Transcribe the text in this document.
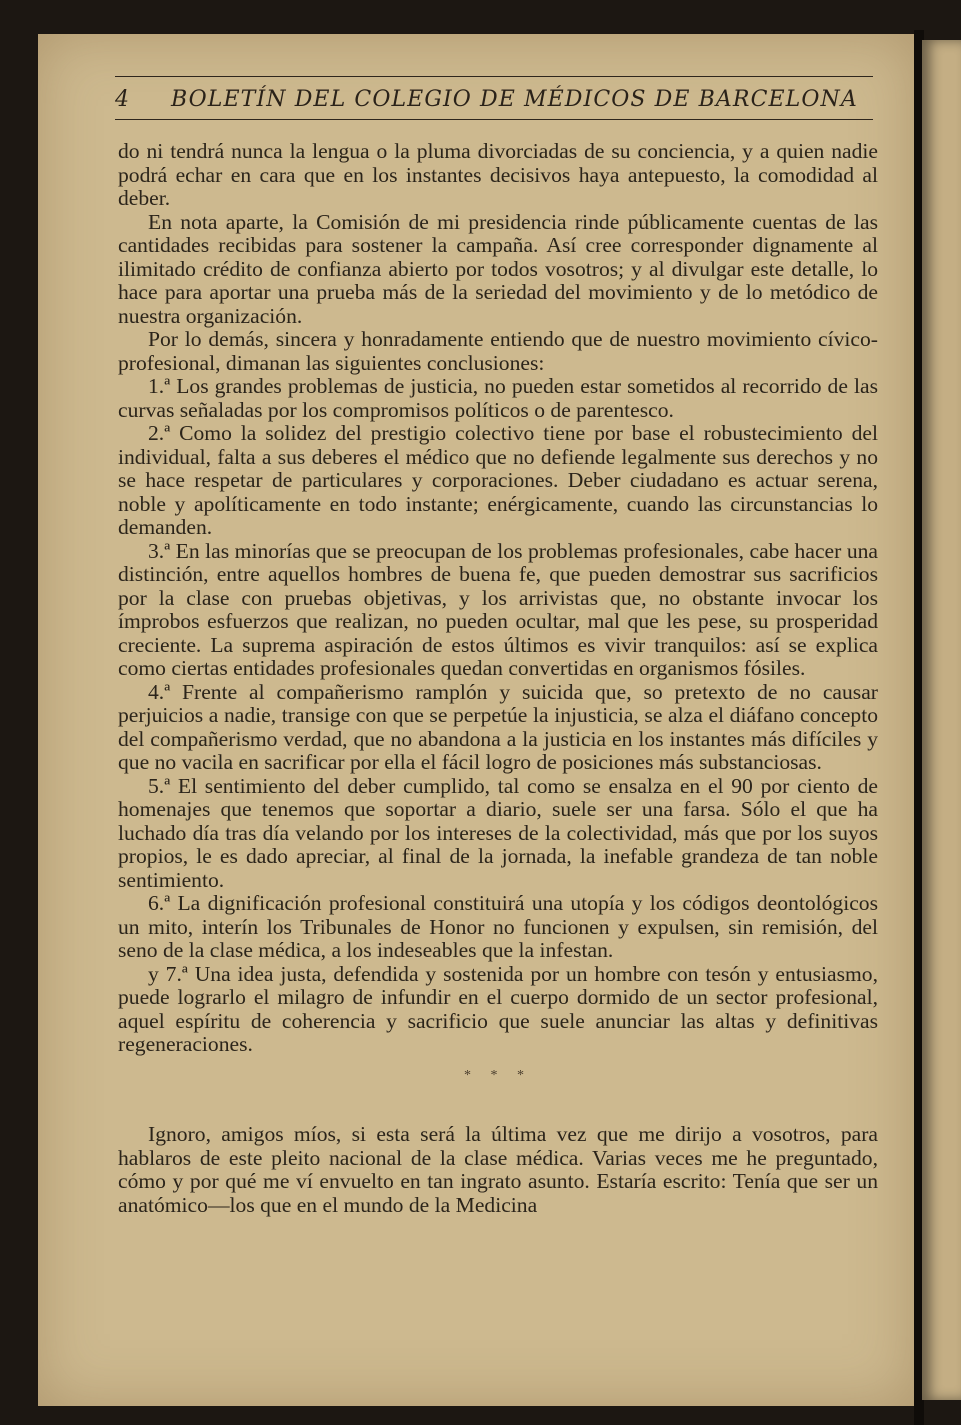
4 BOLETÍN DEL COLEGIO DE MÉDICOS DE BARCELONA

do ni tendrá nunca la lengua o la pluma divorciadas de su conciencia, y a quien nadie podrá echar en cara que en los instantes decisivos haya antepuesto, la comodidad al deber.

En nota aparte, la Comisión de mi presidencia rinde públicamente cuentas de las cantidades recibidas para sostener la campaña. Así cree corresponder dignamente al ilimitado crédito de confianza abierto por todos vosotros; y al divulgar este detalle, lo hace para aportar una prueba más de la seriedad del movimiento y de lo metódico de nuestra organización.

Por lo demás, sincera y honradamente entiendo que de nuestro movimiento cívico-profesional, dimanan las siguientes conclusiones:

1.ª Los grandes problemas de justicia, no pueden estar sometidos al recorrido de las curvas señaladas por los compromisos políticos o de parentesco.

2.ª Como la solidez del prestigio colectivo tiene por base el robustecimiento del individual, falta a sus deberes el médico que no defiende legalmente sus derechos y no se hace respetar de particulares y corporaciones. Deber ciudadano es actuar serena, noble y apolíticamente en todo instante; enérgicamente, cuando las circunstancias lo demanden.

3.ª En las minorías que se preocupan de los problemas profesionales, cabe hacer una distinción, entre aquellos hombres de buena fe, que pueden demostrar sus sacrificios por la clase con pruebas objetivas, y los arrivistas que, no obstante invocar los ímprobos esfuerzos que realizan, no pueden ocultar, mal que les pese, su prosperidad creciente. La suprema aspiración de estos últimos es vivir tranquilos: así se explica como ciertas entidades profesionales quedan convertidas en organismos fósiles.

4.ª Frente al compañerismo ramplón y suicida que, so pretexto de no causar perjuicios a nadie, transige con que se perpetúe la injusticia, se alza el diáfano concepto del compañerismo verdad, que no abandona a la justicia en los instantes más difíciles y que no vacila en sacrificar por ella el fácil logro de posiciones más substanciosas.

5.ª El sentimiento del deber cumplido, tal como se ensalza en el 90 por ciento de homenajes que tenemos que soportar a diario, suele ser una farsa. Sólo el que ha luchado día tras día velando por los intereses de la colectividad, más que por los suyos propios, le es dado apreciar, al final de la jornada, la inefable grandeza de tan noble sentimiento.

6.ª La dignificación profesional constituirá una utopía y los códigos deontológicos un mito, interín los Tribunales de Honor no funcionen y expulsen, sin remisión, del seno de la clase médica, a los indeseables que la infestan.

y 7.ª Una idea justa, defendida y sostenida por un hombre con tesón y entusiasmo, puede lograrlo el milagro de infundir en el cuerpo dormido de un sector profesional, aquel espíritu de coherencia y sacrificio que suele anunciar las altas y definitivas regeneraciones.

* * *

Ignoro, amigos míos, si esta será la última vez que me dirijo a vosotros, para hablaros de este pleito nacional de la clase médica. Varias veces me he preguntado, cómo y por qué me ví envuelto en tan ingrato asunto. Estaría escrito: Tenía que ser un anatómico—los que en el mundo de la Medicina
